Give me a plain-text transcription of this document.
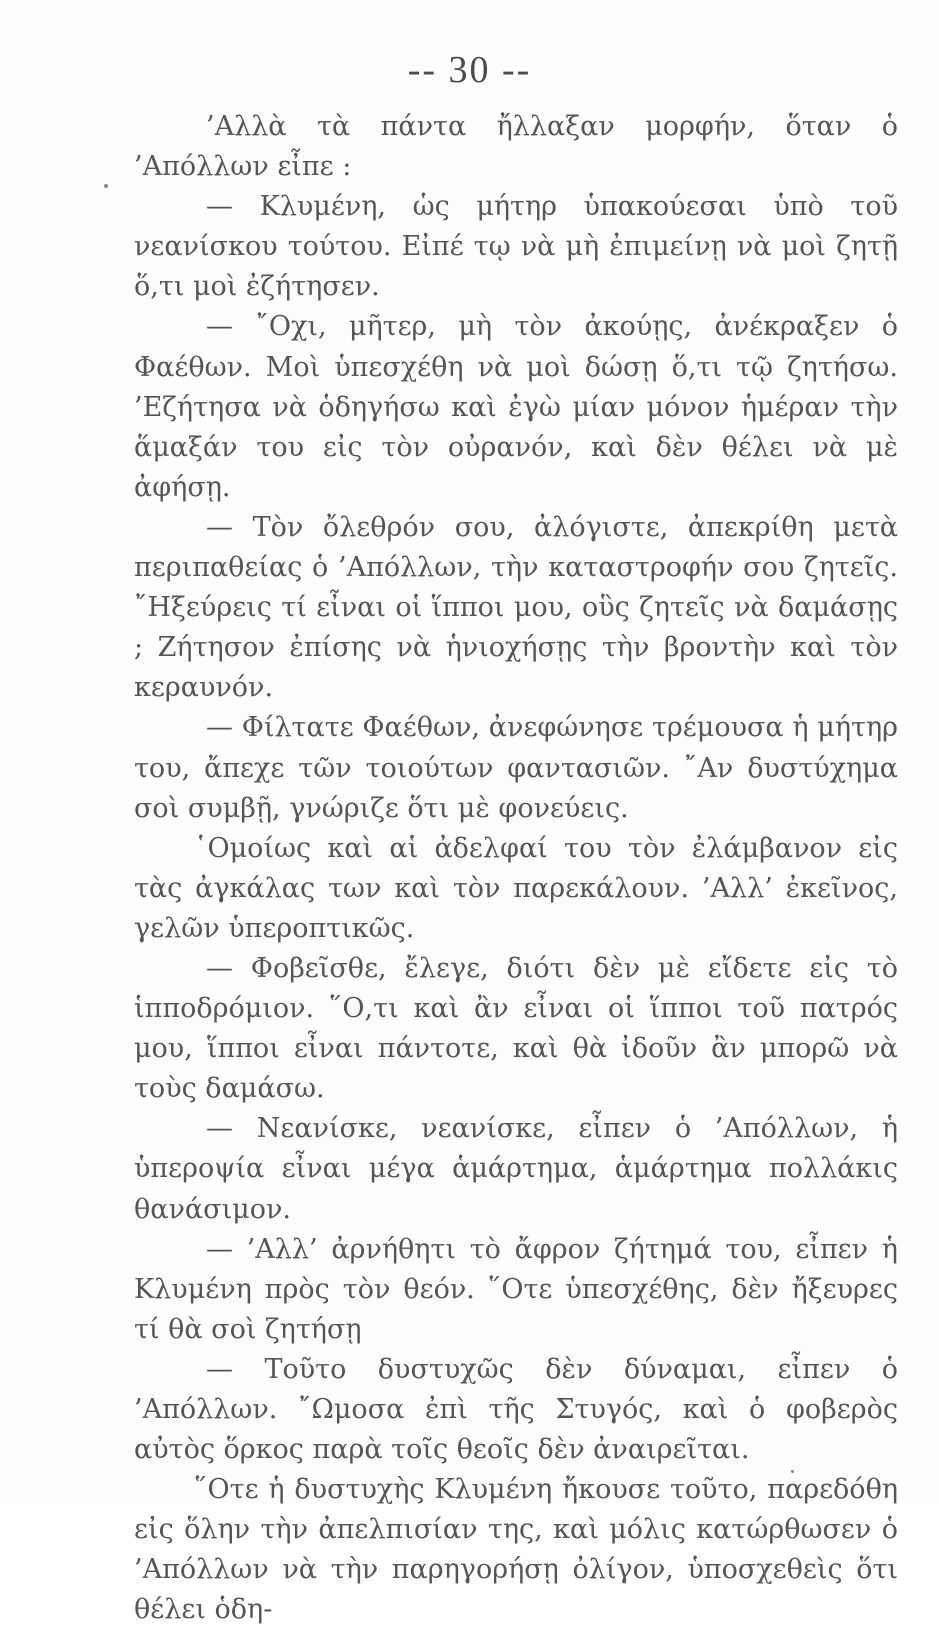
-- 30 --

’Αλλὰ τὰ πάντα ἤλλαξαν μορφήν, ὅταν ὁ ’Απόλλων εἶπε :

— Κλυμένη, ὡς μήτηρ ὑπακούεσαι ὑπὸ τοῦ νεανίσκου τούτου. Εἰπέ τῳ νὰ μὴ ἐπιμείνῃ νὰ μοὶ ζητῇ ὅ,τι μοὶ ἐζήτησεν.

— ῎Οχι, μῆτερ, μὴ τὸν ἀκούῃς, ἀνέκραξεν ὁ Φαέθων. Μοὶ ὑπεσχέθη νὰ μοὶ δώσῃ ὅ,τι τῷ ζητήσω. ’Εζήτησα νὰ ὁδηγήσω καὶ ἐγὼ μίαν μόνον ἡμέραν τὴν ἅμαξάν του εἰς τὸν οὐρανόν, καὶ δὲν θέλει νὰ μὲ ἀφήσῃ.

— Τὸν ὄλεθρόν σου, ἀλόγιστε, ἀπεκρίθη μετὰ περιπαθείας ὁ ’Απόλλων, τὴν καταστροφήν σου ζητεῖς. ῎Ηξεύρεις τί εἶναι οἱ ἵπποι μου, οὓς ζητεῖς νὰ δαμάσῃς ; Ζήτησον ἐπίσης νὰ ἡνιοχήσῃς τὴν βροντὴν καὶ τὸν κεραυνόν.

— Φίλτατε Φαέθων, ἀνεφώνησε τρέμουσα ἡ μήτηρ του, ἄπεχε τῶν τοιούτων φαντασιῶν. ῎Αν δυστύχημα σοὶ συμβῇ, γνώριζε ὅτι μὲ φονεύεις.

῾Ομοίως καὶ αἱ ἀδελφαί του τὸν ἐλάμβανον εἰς τὰς ἀγκάλας των καὶ τὸν παρεκάλουν. ’Αλλ’ ἐκεῖνος, γελῶν ὑπεροπτικῶς.

— Φοβεῖσθε, ἔλεγε, διότι δὲν μὲ εἴδετε εἰς τὸ ἱπποδρόμιον. ῞Ο,τι καὶ ἂν εἶναι οἱ ἵπποι τοῦ πατρός μου, ἵπποι εἶναι πάντοτε, καὶ θὰ ἰδοῦν ἂν μπορῶ νὰ τοὺς δαμάσω.

— Νεανίσκε, νεανίσκε, εἶπεν ὁ ’Απόλλων, ἡ ὑπεροψία εἶναι μέγα ἁμάρτημα, ἁμάρτημα πολλάκις θανάσιμον.

— ’Αλλ’ ἀρνήθητι τὸ ἄφρον ζήτημά του, εἶπεν ἡ Κλυμένη πρὸς τὸν θεόν. ῞Οτε ὑπεσχέθης, δὲν ἤξευρες τί θὰ σοὶ ζητήσῃ

— Τοῦτο δυστυχῶς δὲν δύναμαι, εἶπεν ὁ ’Απόλλων. ῎Ωμοσα ἐπὶ τῆς Στυγός, καὶ ὁ φοβερὸς αὐτὸς ὅρκος παρὰ τοῖς θεοῖς δὲν ἀναιρεῖται.

῞Οτε ἡ δυστυχὴς Κλυμένη ἤκουσε τοῦτο, παρεδόθη εἰς ὅλην τὴν ἀπελπισίαν της, καὶ μόλις κατώρθωσεν ὁ ’Απόλλων νὰ τὴν παρηγορήσῃ ὀλίγον, ὑποσχεθεὶς ὅτι θέλει ὁδη-
